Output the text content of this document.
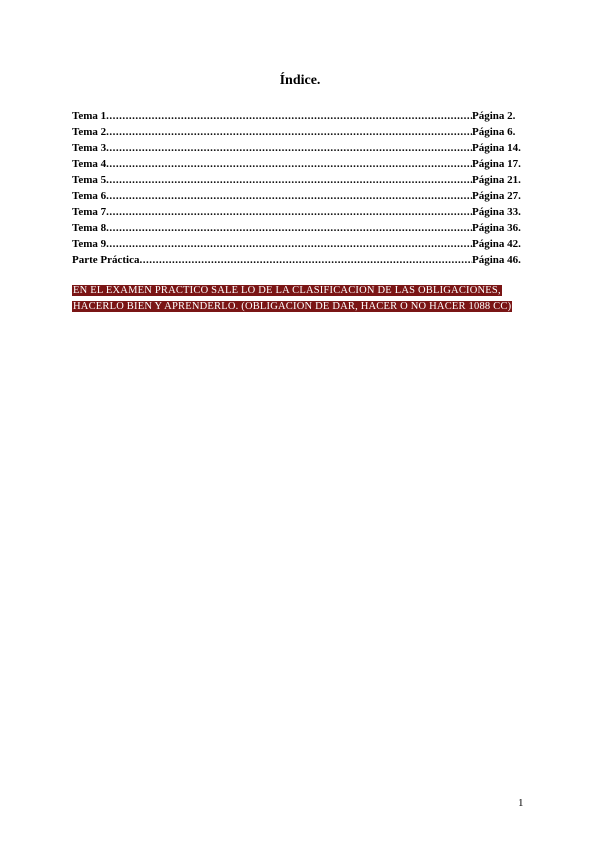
Índice.
Tema 1 .....	Página 2.
Tema 2 .....	Página 6.
Tema 3 .....	Página 14.
Tema 4 .....	Página 17.
Tema 5 .....	Página 21.
Tema 6 .....	Página 27.
Tema 7 .....	Página 33.
Tema 8 .....	Página 36.
Tema 9 .....	Página 42.
Parte Práctica .....	Página 46.
EN EL EXAMEN PRACTICO SALE LO DE LA CLASIFICACION DE LAS OBLIGACIONES,
HACERLO BIEN Y APRENDERLO. (OBLIGACIÓN DE DAR, HACER O NO HACER 1088 CC)
1
